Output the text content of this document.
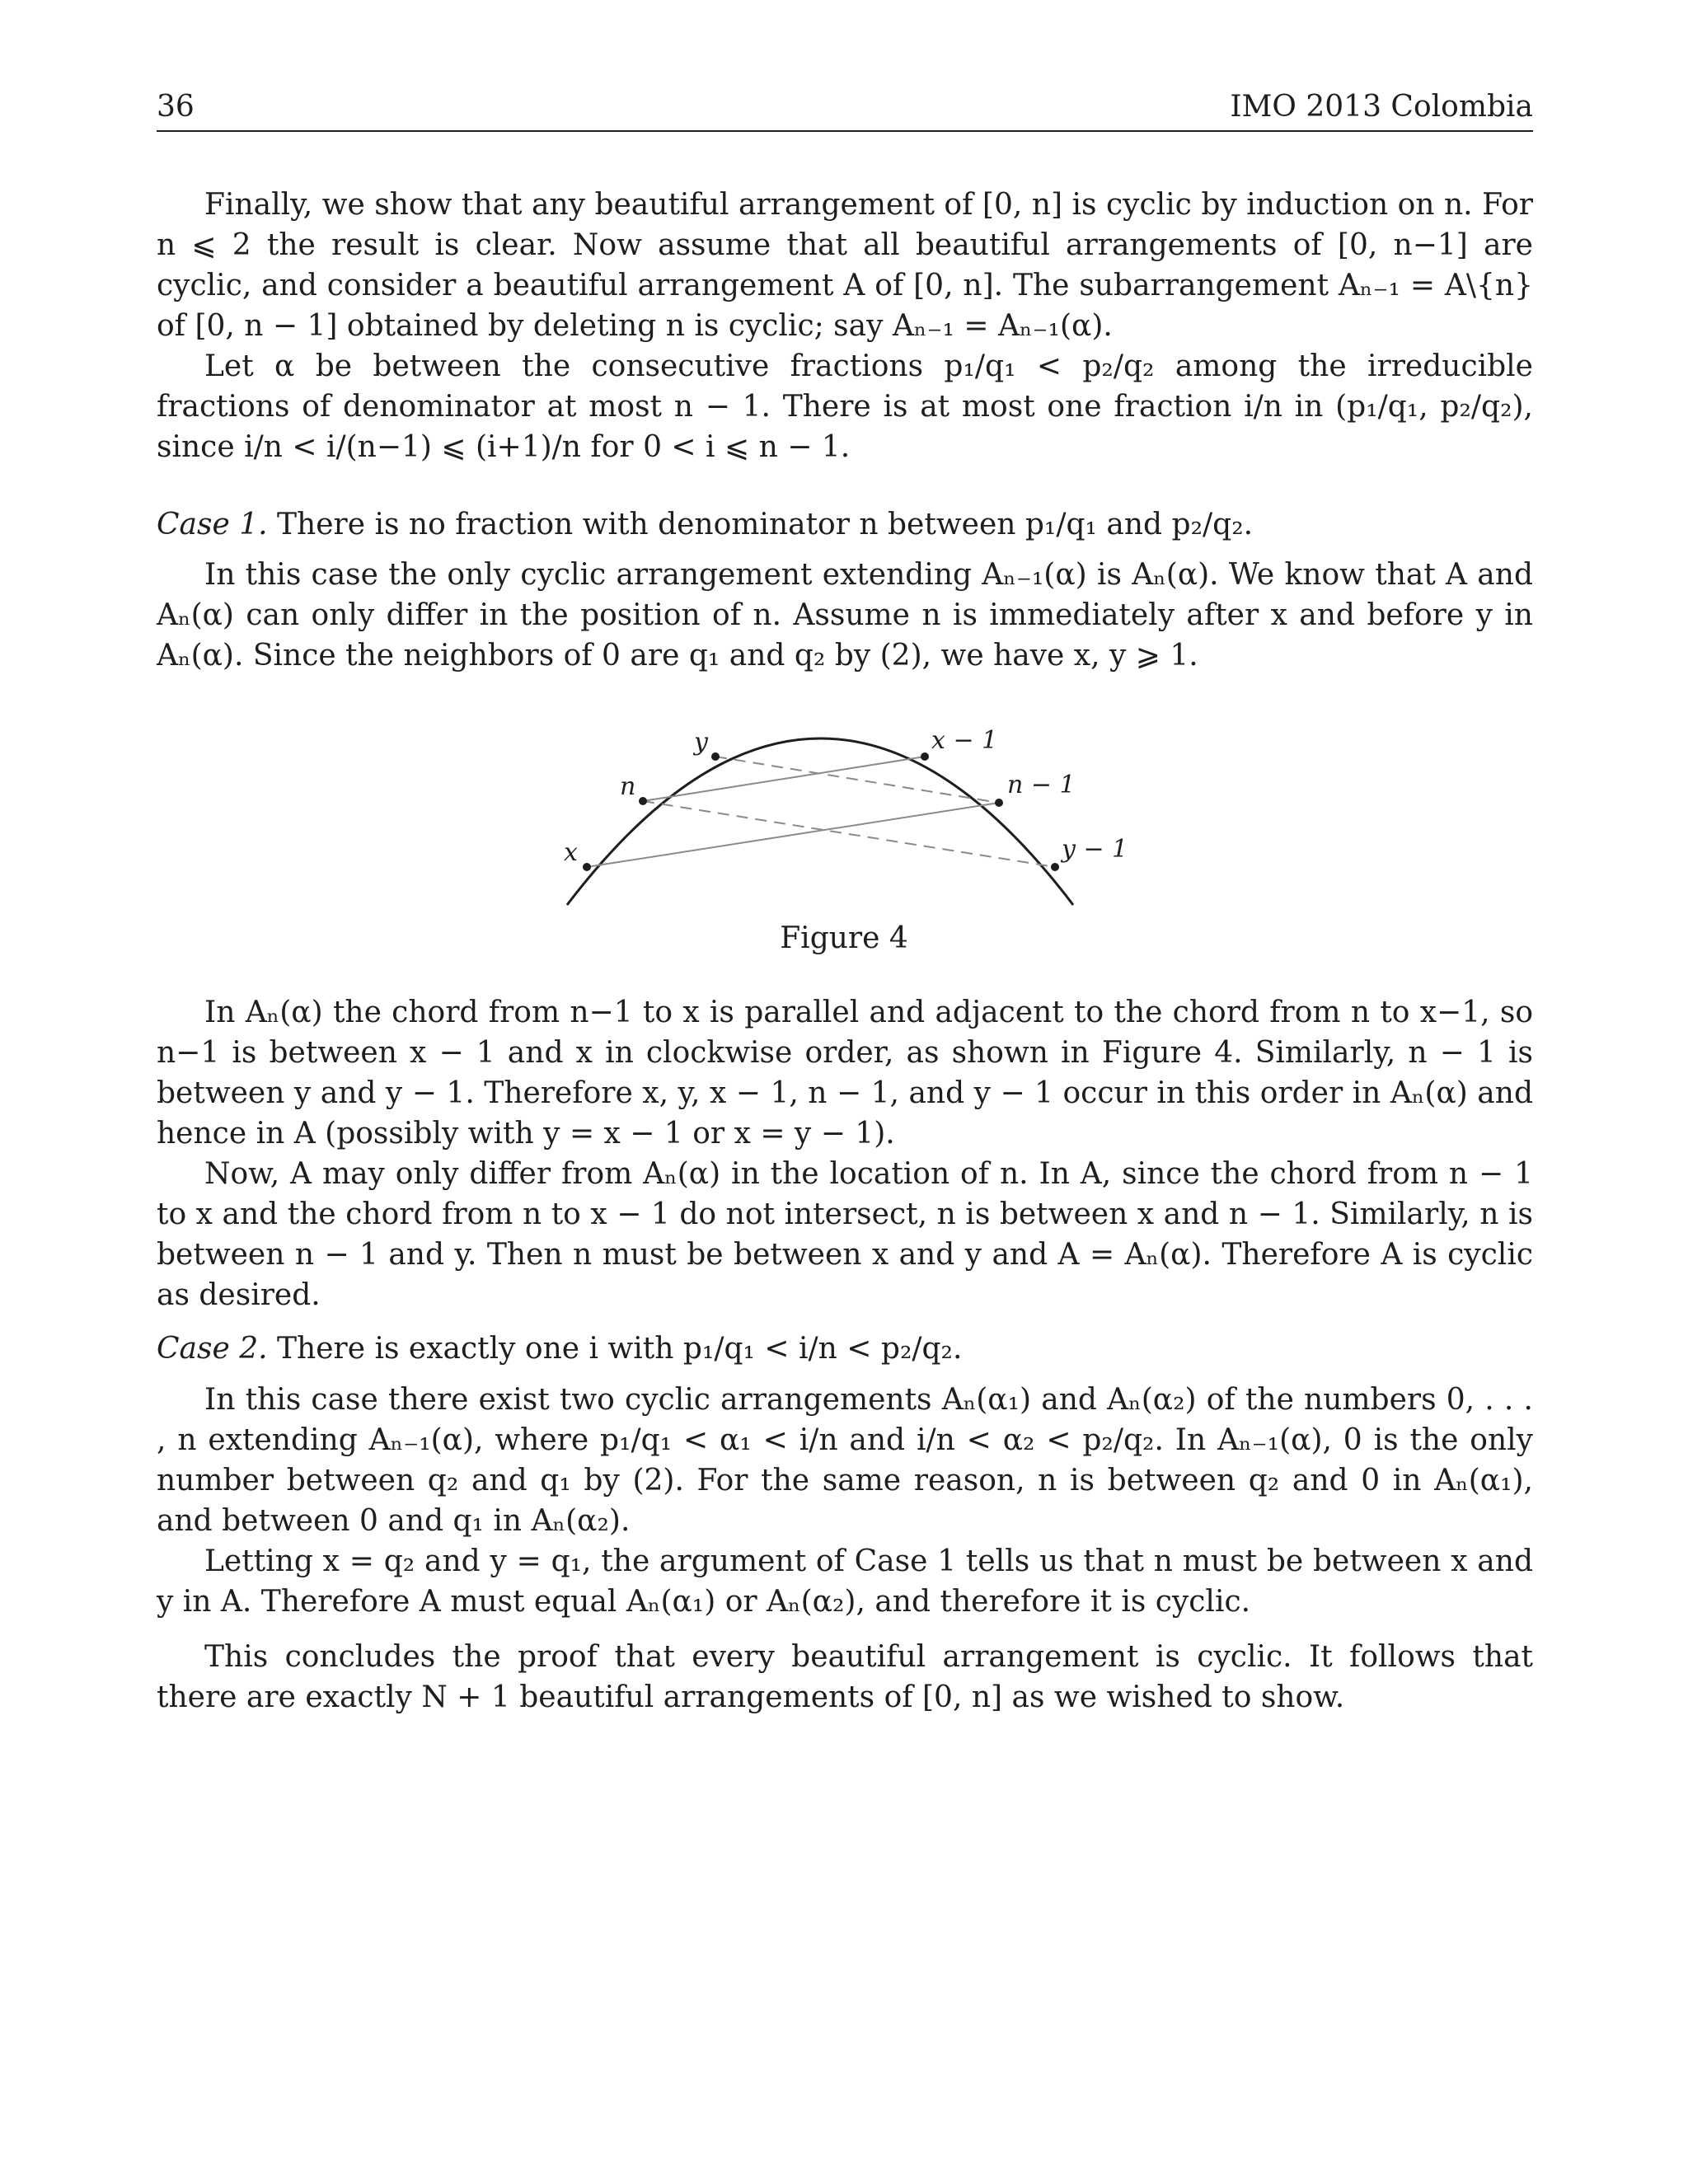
36	IMO 2013 Colombia

Finally, we show that any beautiful arrangement of [0, n] is cyclic by induction on n. For n ⩽ 2 the result is clear. Now assume that all beautiful arrangements of [0, n−1] are cyclic, and consider a beautiful arrangement A of [0, n]. The subarrangement Aₙ₋₁ = A\{n} of [0, n − 1] obtained by deleting n is cyclic; say Aₙ₋₁ = Aₙ₋₁(α).

Let α be between the consecutive fractions p₁/q₁ < p₂/q₂ among the irreducible fractions of denominator at most n − 1. There is at most one fraction i/n in (p₁/q₁, p₂/q₂), since i/n < i/(n−1) ⩽ (i+1)/n for 0 < i ⩽ n − 1.

Case 1. There is no fraction with denominator n between p₁/q₁ and p₂/q₂.

In this case the only cyclic arrangement extending Aₙ₋₁(α) is Aₙ(α). We know that A and Aₙ(α) can only differ in the position of n. Assume n is immediately after x and before y in Aₙ(α). Since the neighbors of 0 are q₁ and q₂ by (2), we have x, y ⩾ 1.

y	x − 1
n	n − 1
x	y − 1
Figure 4

In Aₙ(α) the chord from n−1 to x is parallel and adjacent to the chord from n to x−1, so n−1 is between x − 1 and x in clockwise order, as shown in Figure 4. Similarly, n − 1 is between y and y − 1. Therefore x, y, x − 1, n − 1, and y − 1 occur in this order in Aₙ(α) and hence in A (possibly with y = x − 1 or x = y − 1).

Now, A may only differ from Aₙ(α) in the location of n. In A, since the chord from n − 1 to x and the chord from n to x − 1 do not intersect, n is between x and n − 1. Similarly, n is between n − 1 and y. Then n must be between x and y and A = Aₙ(α). Therefore A is cyclic as desired.

Case 2. There is exactly one i with p₁/q₁ < i/n < p₂/q₂.

In this case there exist two cyclic arrangements Aₙ(α₁) and Aₙ(α₂) of the numbers 0, . . . , n extending Aₙ₋₁(α), where p₁/q₁ < α₁ < i/n and i/n < α₂ < p₂/q₂. In Aₙ₋₁(α), 0 is the only number between q₂ and q₁ by (2). For the same reason, n is between q₂ and 0 in Aₙ(α₁), and between 0 and q₁ in Aₙ(α₂).

Letting x = q₂ and y = q₁, the argument of Case 1 tells us that n must be between x and y in A. Therefore A must equal Aₙ(α₁) or Aₙ(α₂), and therefore it is cyclic.

This concludes the proof that every beautiful arrangement is cyclic. It follows that there are exactly N + 1 beautiful arrangements of [0, n] as we wished to show.
